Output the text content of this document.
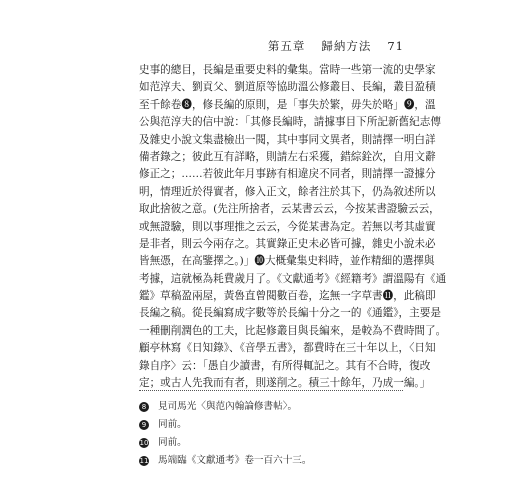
第五章 歸納方法 71
史事的總目，長編是重要史料的彙集。當時一些第一流的史學家
如范淳夫、劉貢父、劉道原等協助溫公修叢目、長編，叢目盈積
至千餘卷❽，修長編的原則，是「事失於繁，毋失於略」❾，溫
公與范淳夫的信中說：「其修長編時，請據事目下所記新舊紀志傳
及雜史小說文集盡檢出一閱，其中事同文異者，則請擇一明白詳
備者錄之；彼此互有詳略，則請左右采獲，錯綜銓次，自用文辭
修正之；……若彼此年月事跡有相違戾不同者，則請擇一證據分
明，情理近於得實者，修入正文，餘者注於其下，仍為敘述所以
取此捨彼之意。(先注所捨者，云某書云云，今按某書證驗云云，
或無證驗，則以事理推之云云，今從某書為定。若無以考其虛實
是非者，則云今兩存之。其實錄正史未必皆可據，雜史小說未必
皆無憑，在高鑒擇之。)」❿大概彙集史料時，並作精細的選擇與
考據，這就極為耗費歲月了。《文獻通考》《經籍考》謂溫陽有《通
鑑》草稿盈兩屋，黃魯直曾閱數百卷，迄無一字草書⓫，此稿即
長編之稿。從長編寫成字數等於長編十分之一的《通鑑》，主要是
一種刪削潤色的工夫，比起修叢目與長編來，是較為不費時間了。
顧亭林寫《日知錄》、《音學五書》，都費時在三十年以上，〈日知
錄自序〉云：「愚自少讀書，有所得輒記之。其有不合時，復改
定；或古人先我而有者，則遂削之。積三十餘年，乃成一編。」
8 見司馬光〈與范內翰論修書帖〉。
9 同前。
10 同前。
11 馬端臨《文獻通考》卷一百六十三。
